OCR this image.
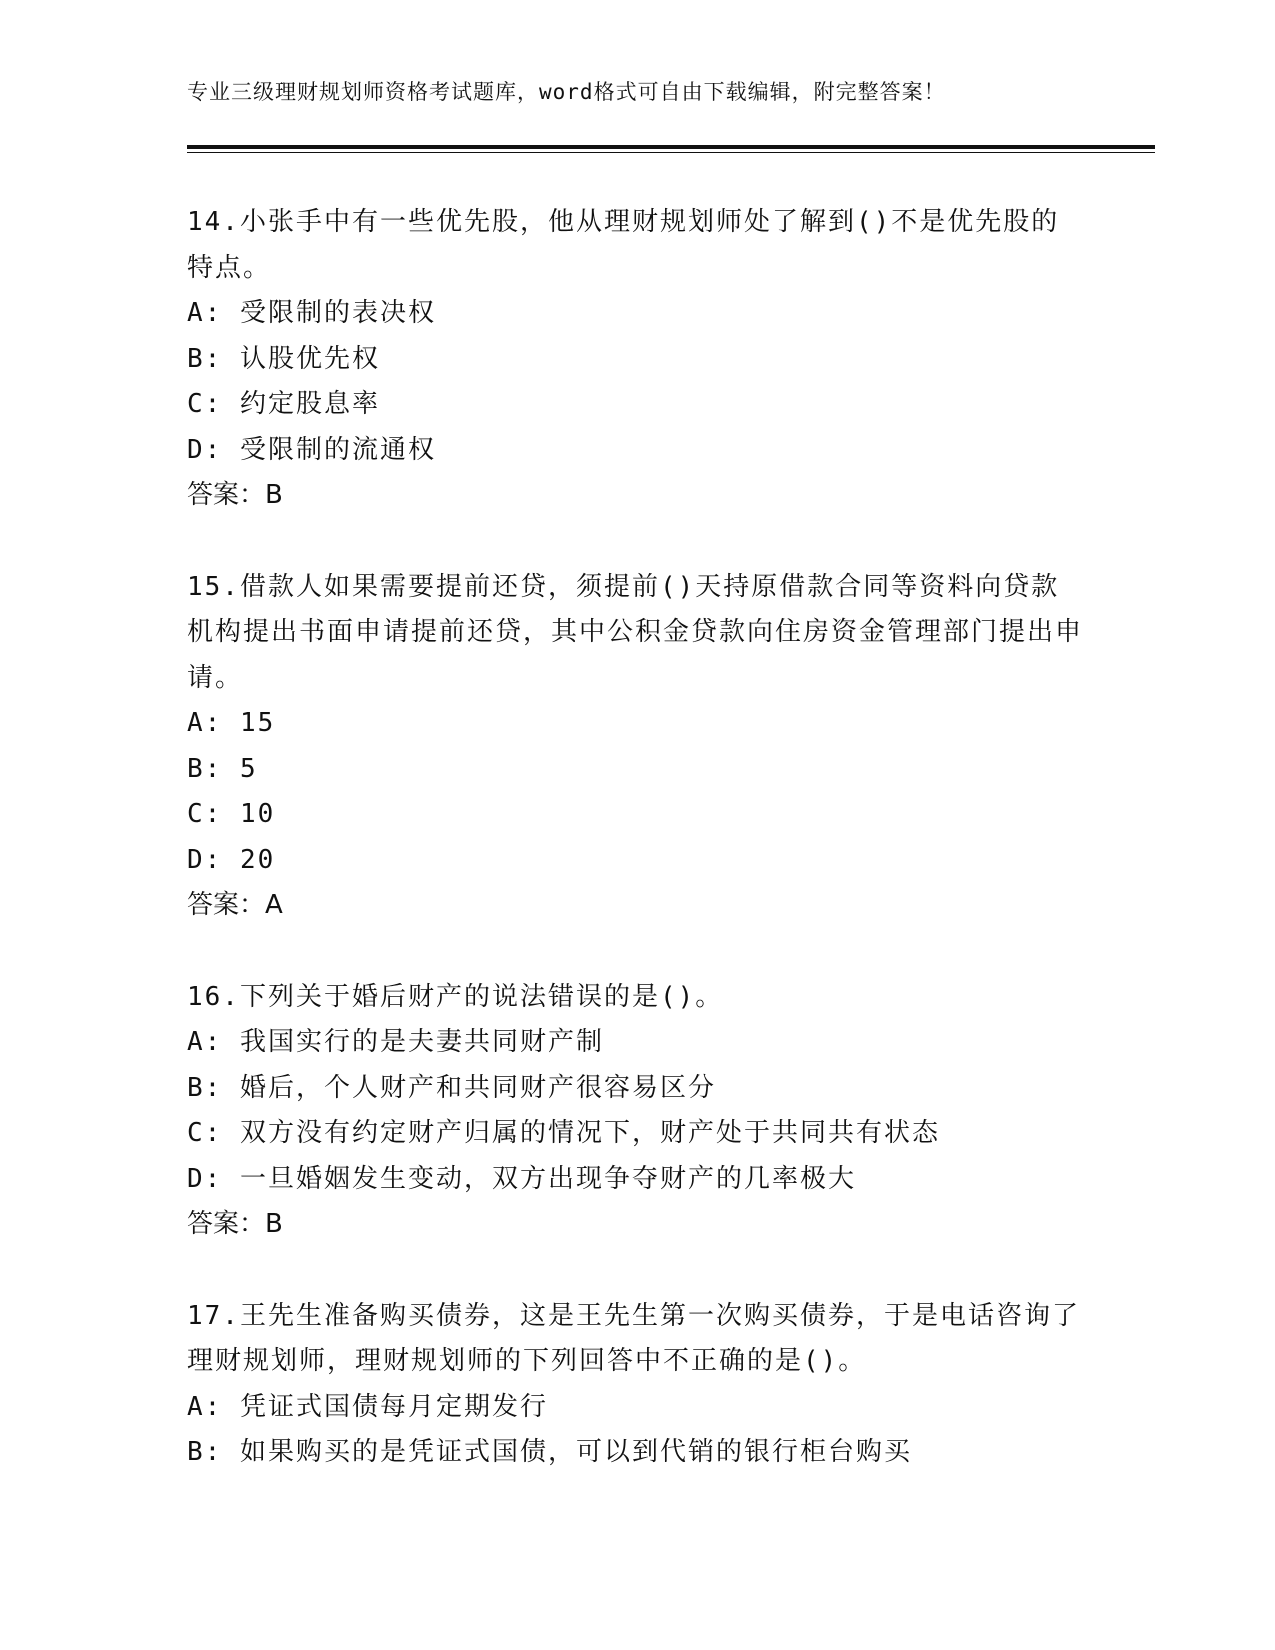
专业三级理财规划师资格考试题库，word格式可自由下载编辑，附完整答案！
14.小张手中有一些优先股，他从理财规划师处了解到()不是优先股的特点。
A: 受限制的表决权
B: 认股优先权
C: 约定股息率
D: 受限制的流通权
答案：B
15.借款人如果需要提前还贷，须提前()天持原借款合同等资料向贷款机构提出书面申请提前还贷，其中公积金贷款向住房资金管理部门提出申请。
A: 15
B: 5
C: 10
D: 20
答案：A
16.下列关于婚后财产的说法错误的是()。
A: 我国实行的是夫妻共同财产制
B: 婚后，个人财产和共同财产很容易区分
C: 双方没有约定财产归属的情况下，财产处于共同共有状态
D: 一旦婚姻发生变动，双方出现争夺财产的几率极大
答案：B
17.王先生准备购买债券，这是王先生第一次购买债券，于是电话咨询了理财规划师，理财规划师的下列回答中不正确的是()。
A: 凭证式国债每月定期发行
B: 如果购买的是凭证式国债，可以到代销的银行柜台购买
